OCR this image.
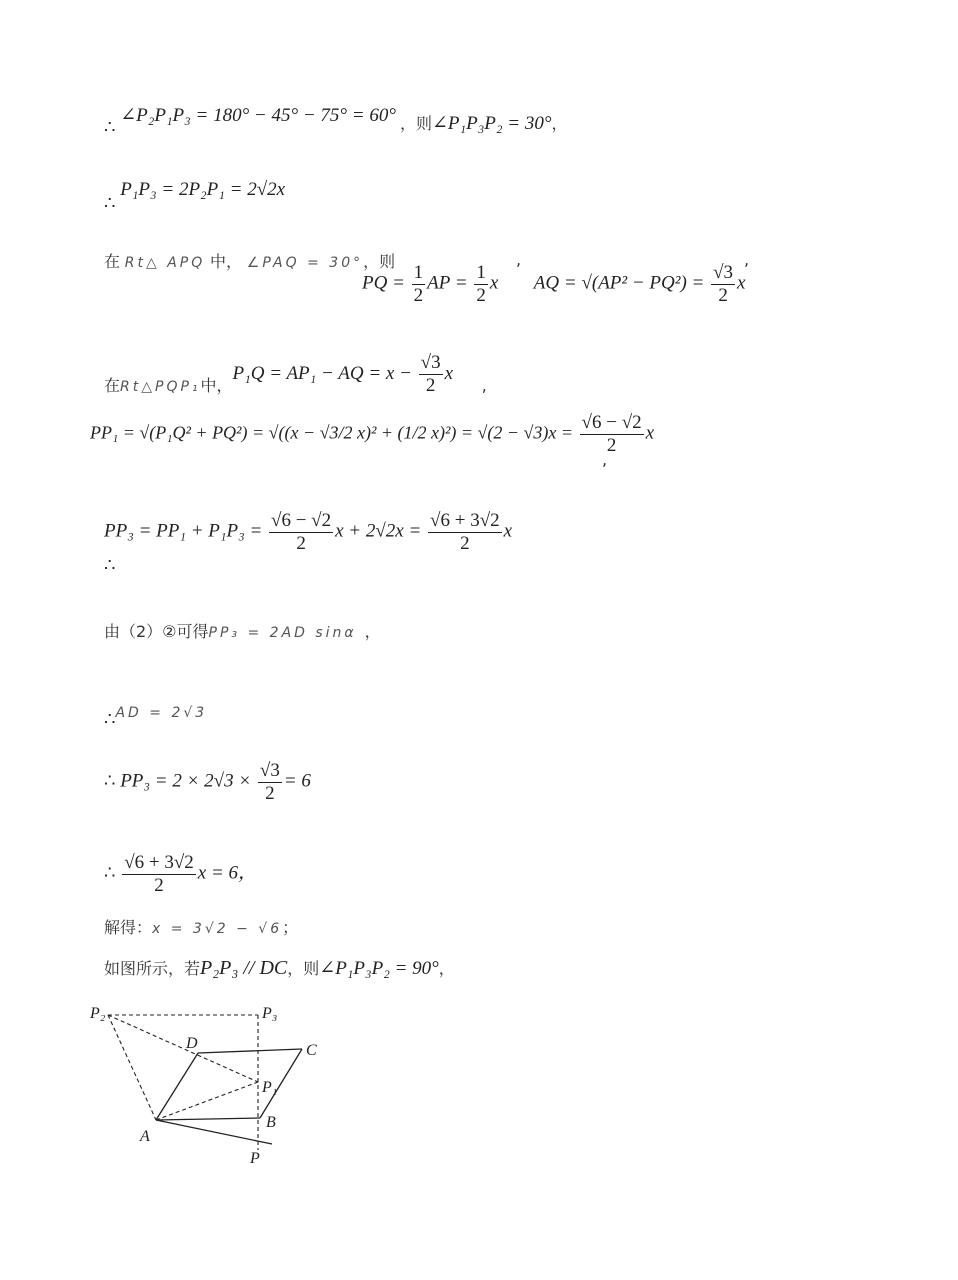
∴ ∠P₂P₁P₃ = 180° − 45° − 75° = 60° $_{,则}$∠P₁P₃P₂ = $30^\circ_,$
∴ P₁P₃ = 2P₂P₁ = 2√2x
在 Rt△ APQ 中， ∠PAQ = 30°，则
PQ = $\frac{1}{2}$ AP = $\frac{1}{2}$ x AQ = $√(AP^2 - PQ^2) = \frac{√3}{2}$ x
,	,
$_{在Rt\triangle PQP_1中,}$P₁Q = AP₁ − AQ = $x - \frac{√3}{2}$ x $_,$
PP₁ = √(P₁Q² + PQ²) = √((x − √3/2 x)² + (1/2 $x)^2) = √(2 - √3)x = \frac{√6 - √2}{2}$ x
,
$PP_3 = PP_1 + P_1P_3 = \frac{√6 - √2}{2}$ $x + 2√2x = \frac{√6 + 3√2}{2}$ x
∴
由（2）②可得PP₃ = 2AD sinα ，
∴AD = 2√3
∴ $PP_3 = 2 \times 2√3 \times \frac{√3}{2} = 6$
∴ $\frac{√6 + 3√2}{2}$ x = 6，
解得：x = 3√2 − √6；
如图所示，若P₂P₃ // DC，则∠P₁P₃P₂ = 90°，
P₂	P₃
D	C
P₁
B
A
P
